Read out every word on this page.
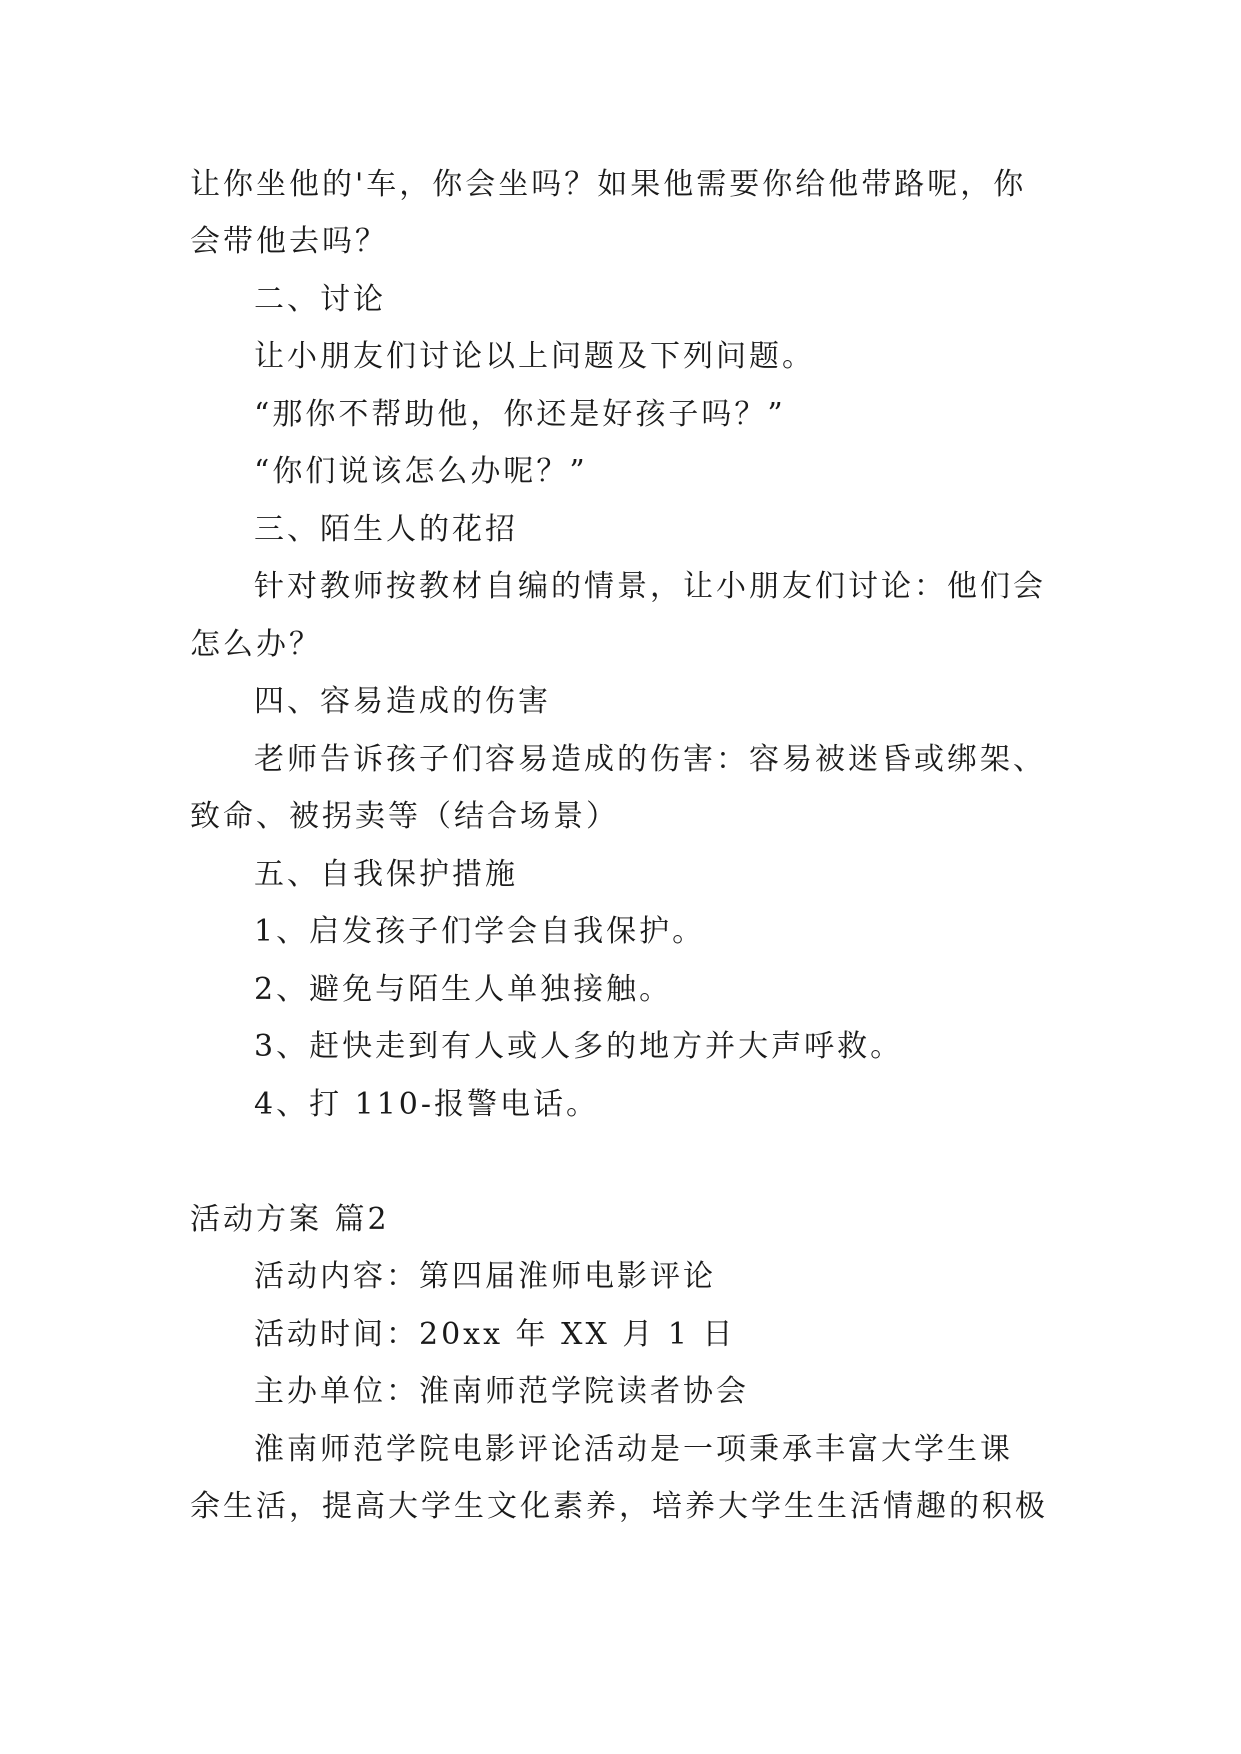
让你坐他的'车，你会坐吗？如果他需要你给他带路呢，你
会带他去吗？
二、讨论
让小朋友们讨论以上问题及下列问题。
“那你不帮助他，你还是好孩子吗？”
“你们说该怎么办呢？”
三、陌生人的花招
针对教师按教材自编的情景，让小朋友们讨论：他们会
怎么办？
四、容易造成的伤害
老师告诉孩子们容易造成的伤害：容易被迷昏或绑架、
致命、被拐卖等（结合场景）
五、自我保护措施
1、启发孩子们学会自我保护。
2、避免与陌生人单独接触。
3、赶快走到有人或人多的地方并大声呼救。
4、打 110-报警电话。
活动方案 篇2
活动内容：第四届淮师电影评论
活动时间：20xx 年 XX 月 1 日
主办单位：淮南师范学院读者协会
淮南师范学院电影评论活动是一项秉承丰富大学生课
余生活，提高大学生文化素养，培养大学生生活情趣的积极
